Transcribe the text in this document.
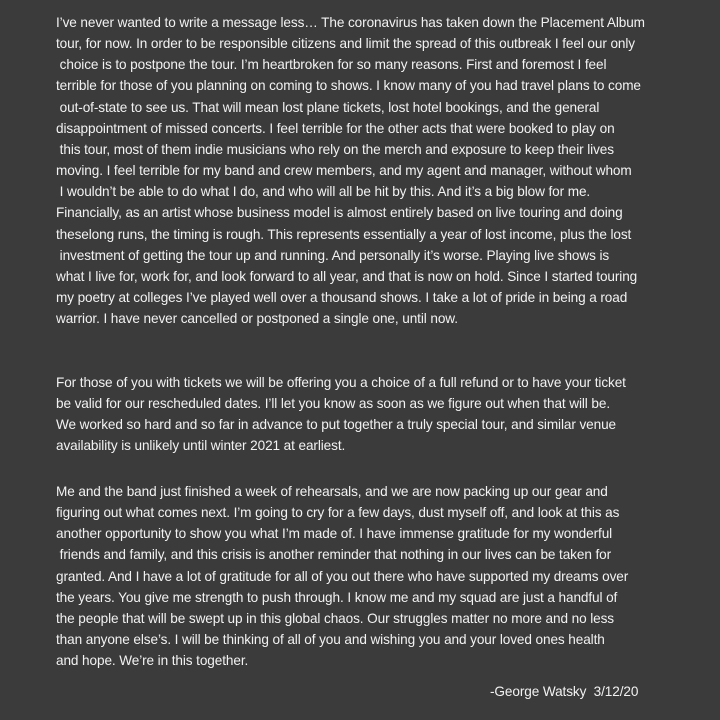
I’ve never wanted to write a message less… The coronavirus has taken down the Placement Album
tour, for now. In order to be responsible citizens and limit the spread of this outbreak I feel our only
choice is to postpone the tour. I’m heartbroken for so many reasons. First and foremost I feel
terrible for those of you planning on coming to shows. I know many of you had travel plans to come
out-of-state to see us. That will mean lost plane tickets, lost hotel bookings, and the general
disappointment of missed concerts. I feel terrible for the other acts that were booked to play on
this tour, most of them indie musicians who rely on the merch and exposure to keep their lives
moving. I feel terrible for my band and crew members, and my agent and manager, without whom
I wouldn’t be able to do what I do, and who will all be hit by this. And it’s a big blow for me.
Financially, as an artist whose business model is almost entirely based on live touring and doing
theselong runs, the timing is rough. This represents essentially a year of lost income, plus the lost
investment of getting the tour up and running. And personally it’s worse. Playing live shows is
what I live for, work for, and look forward to all year, and that is now on hold. Since I started touring
my poetry at colleges I’ve played well over a thousand shows. I take a lot of pride in being a road
warrior. I have never cancelled or postponed a single one, until now.
For those of you with tickets we will be offering you a choice of a full refund or to have your ticket
be valid for our rescheduled dates. I’ll let you know as soon as we figure out when that will be.
We worked so hard and so far in advance to put together a truly special tour, and similar venue
availability is unlikely until winter 2021 at earliest.
Me and the band just finished a week of rehearsals, and we are now packing up our gear and
figuring out what comes next. I’m going to cry for a few days, dust myself off, and look at this as
another opportunity to show you what I’m made of. I have immense gratitude for my wonderful
friends and family, and this crisis is another reminder that nothing in our lives can be taken for
granted. And I have a lot of gratitude for all of you out there who have supported my dreams over
the years. You give me strength to push through. I know me and my squad are just a handful of
the people that will be swept up in this global chaos. Our struggles matter no more and no less
than anyone else’s. I will be thinking of all of you and wishing you and your loved ones health
and hope. We’re in this together.
-George Watsky  3/12/20
